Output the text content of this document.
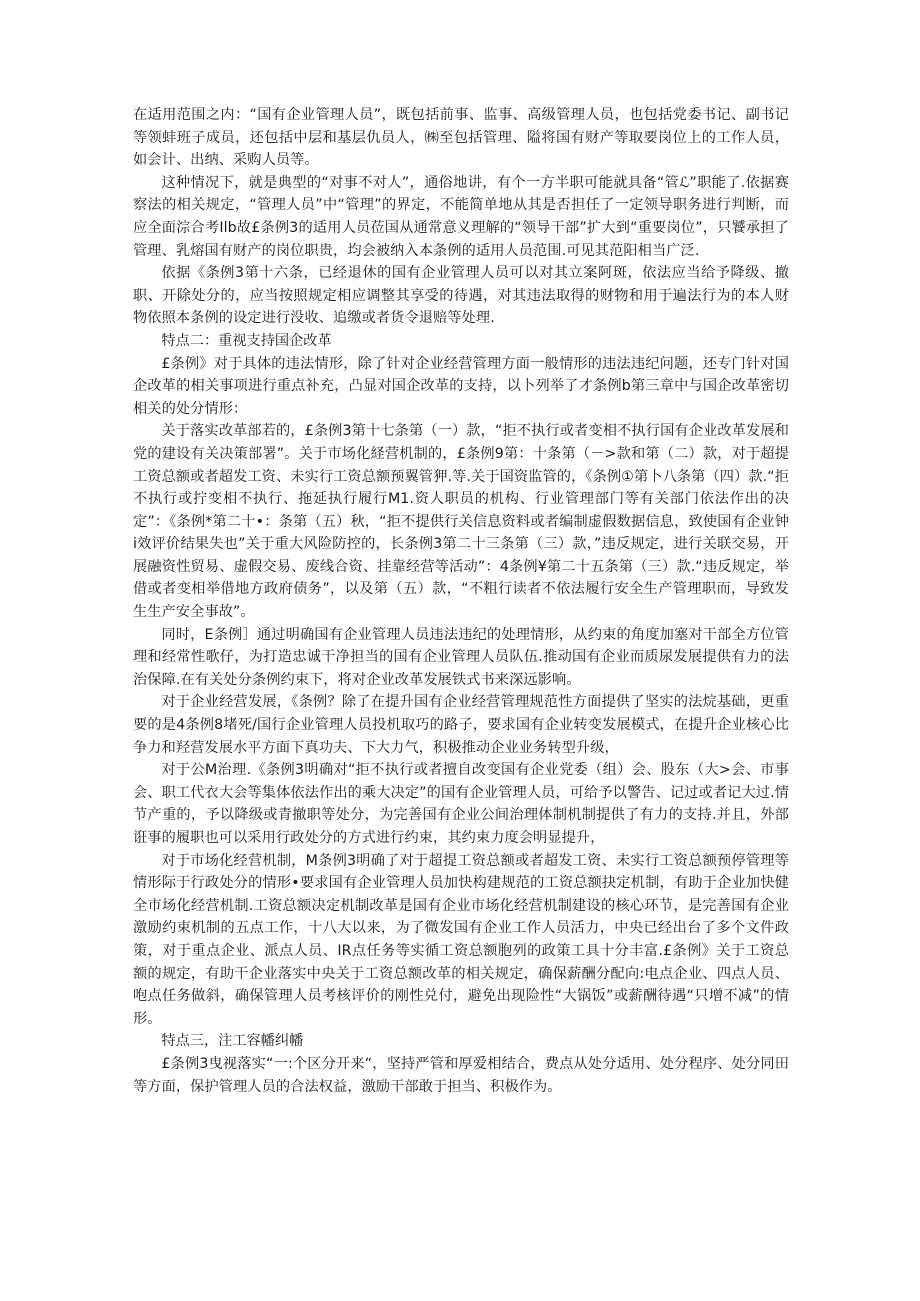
在适用范围之内：“国有企业管理人员”，既包括前事、监事、高级管理人员，也包括党委书记、副书记等领蚌班子成员，还包括中层和基层仇员人，㈱至包括管理、隘将国有财产等取要岗位上的工作人员，如会计、出纳、采购人员等。

这种情况下，就是典型的“对事不对人”，通俗地讲，有个一方半职可能就具备“管ℒ”职能了.依据赛察法的相关规定，“管理人员”中“管理”的界定，不能简单地从其是否担任了一定领导职务进行判断，而应全面淙合考Ilb故£条例3的适用人员莅国从通常意义理解的“领导干部”扩大到“重要岗位”，只饕承担了管理、乳熔国有财产的岗位职贵，均会被纳入本条例的适用人员范围.可见其范阳相当广泛.

依据《条例3第十六条，已经退休的国有企业管理人员可以对其立案阿斑，依法应当给予降级、撤职、开除处分的，应当按照规定相应调整其享受的待遇，对其违法取得的财物和用于遍法行为的本人财物依照本条例的设定进行没收、追缴或者货令退赔等处理.

特点二：重视支持国企改革

£条例》对于具体的违法情形，除了针对企业经营管理方面一般情形的违法违纪问题，还专门针对国企改革的相关事项进行重点补充，凸显对国企改革的支持，以卜列举了才条例b第三章中与国企改革密切相关的处分情形：

关于落实改革部若的，£条例3第十七条第（一）款，“拒不执行或者变相不执行国有企业改革发展和党的建设有关决策部署”。关于市场化経营机制的，£条例9第：十条第（－>款和第（二）款，对于超提工资总额或者超发工资、未实行工资总额预翼管狎.等.关于国资监管的，《条例①第卜八条第（四）款.“拒不执行或拧变相不执行、拖延执行履行M1.资人职员的机构、行业管理部门等有关部门依法作出的决定”：《条例*第二十•：条第（五）秋，“拒不提供行关信息资料或者编制虚假数据信息，致使国有企业钟i效评价结果失也”关于重大风险防控的，长条例3第二十三条第（三）款，”违反规定，进行关联交易，开展融资性贸易、虚假交易、废线合资、挂靠经营等活动”：4条例¥第二十五条第（三）款.“违反规定，举借或者变相举借地方政府债务”，以及第（五）款，“不粗行读者不依法履行安全生产管理职而，导致发生生产安全事故”。

同时，E条例］通过明确国有企业管理人员违法违纪的处理情形，从约束的角度加塞对干部全方位管理和经常性歌仔，为打造忠诚干净担当的国有企业管理人员队伍.推动国有企业而质尿发展提供有力的法治保障.在有关处分条例约束下，将对企业改革发展铁式书来深远影响。

对于企业经营发展，《条例？除了在提升国有企业经营管理规范性方面提供了坚实的法烷基础，更重要的是4条例8堵死/国行企业管理人员投机取巧的路子，要求国有企业转变发展模式，在提升企业核心比争力和羟营发展水平方面下真功夫、下大力气，积极推动企业业务转型升级，

对于公M治理.《条例3明确对“拒不执行或者擅自改变国有企业党委（组）会、股东（大>会、市事会、职工代衣大会等集体依法作出的乘大决定”的国有企业管理人员，可给予以警告、记过或者记大过.情节产重的，予以降级或青撤职等处分，为完善国有企业公间治理体制机制提供了有力的支持.并且，外部诳事的履职也可以采用行政处分的方式进行约束，其约束力度会明显提升，

对于市场化经营机制，M条例3明确了对于超提工资总额或者超发工资、未实行工资总额预停管理等情形际于行政处分的情形•要求国有企业管理人员加快构建规范的工资总额抉定机制，有助于企业加快健全市场化经营机制.工资总额决定机制改革是国有企业市场化经营机制建设的核心环节，是完善国有企业激励约束机制的五点工作，十八大以来，为了微发国有企业工作人员活力，中央已经出台了多个文件政策，对于重点企业、派点人员、IR点任务等实循工资总额胞列的政策工具十分丰富.£条例》关于工资总额的规定，有助干企业落实中央关于工资总额改革的相关规定，确保薪酬分配向:电点企业、四点人员、咆点任务做斜，确保管理人员考核评价的刚性兑付，避免出现险性“大锅饭”或薪酬待遇“只增不减”的情形。

特点三，注工容幡纠幡

£条例3曳视落实“一:个区分开来“，坚持严管和厚爱相结合，费点从处分适用、处分程序、处分同田等方面，保护管理人员的合法权益，激励干部敢于担当、积极作为。
